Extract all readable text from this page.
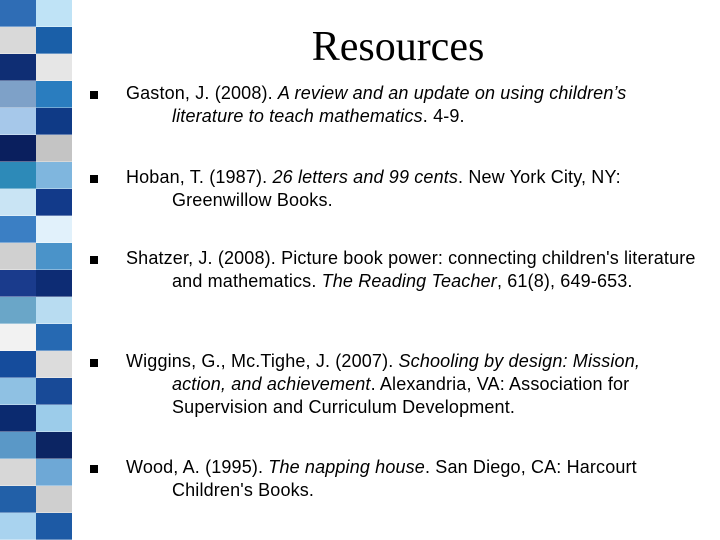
Resources
Gaston, J. (2008). A review and an update on using children’s literature to teach mathematics. 4-9.
Hoban, T. (1987). 26 letters and 99 cents. New York City, NY: Greenwillow Books.
Shatzer, J. (2008). Picture book power: connecting children's literature and mathematics. The Reading Teacher, 61(8), 649-653.
Wiggins, G., Mc.Tighe, J. (2007). Schooling by design: Mission, action, and achievement. Alexandria, VA: Association for Supervision and Curriculum Development.
Wood, A. (1995). The napping house. San Diego, CA: Harcourt Children's Books.
